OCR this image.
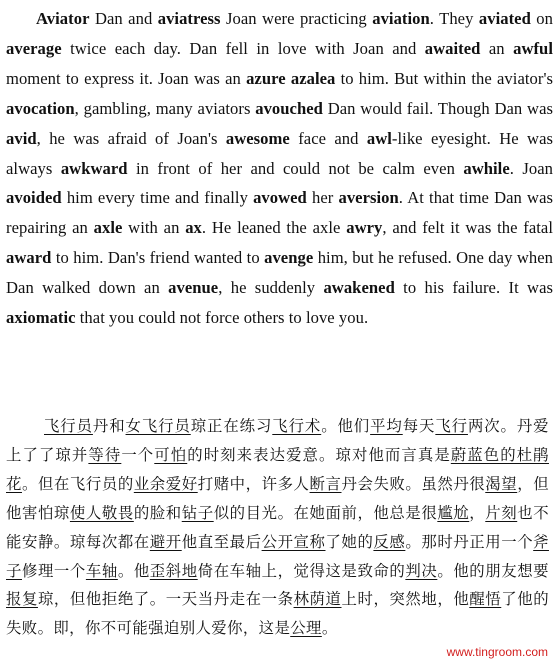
Aviator Dan and aviatress Joan were practicing aviation. They aviated on average twice each day. Dan fell in love with Joan and awaited an awful moment to express it. Joan was an azure azalea to him. But within the aviator's avocation, gambling, many aviators avouched Dan would fail. Though Dan was avid, he was afraid of Joan's awesome face and awl-like eyesight. He was always awkward in front of her and could not be calm even awhile. Joan avoided him every time and finally avowed her aversion. At that time Dan was repairing an axle with an ax. He leaned the axle awry, and felt it was the fatal award to him. Dan's friend wanted to avenge him, but he refused. One day when Dan walked down an avenue, he suddenly awakened to his failure. It was axiomatic that you could not force others to love you.

飞行员丹和女飞行员琼正在练习飞行术。他们平均每天飞行两次。丹爱上了了琼并等待一个可怕的时刻来表达爱意。琼对他而言真是蔚蓝色的杜鹃花。但在飞行员的业余爱好打赌中，许多人断言丹会失败。虽然丹很渴望，但他害怕琼使人敬畏的脸和钻子似的目光。在她面前，他总是很尴尬，片刻也不能安静。琼每次都在避开他直至最后公开宣称了她的反感。那时丹正用一个斧子修理一个车轴。他歪斜地倚在车轴上，觉得这是致命的判决。他的朋友想要报复琼，但他拒绝了。一天当丹走在一条林荫道上时，突然地，他醒悟了他的失败。即，你不可能强迫别人爱你，这是公理。

www.tingroom.com
